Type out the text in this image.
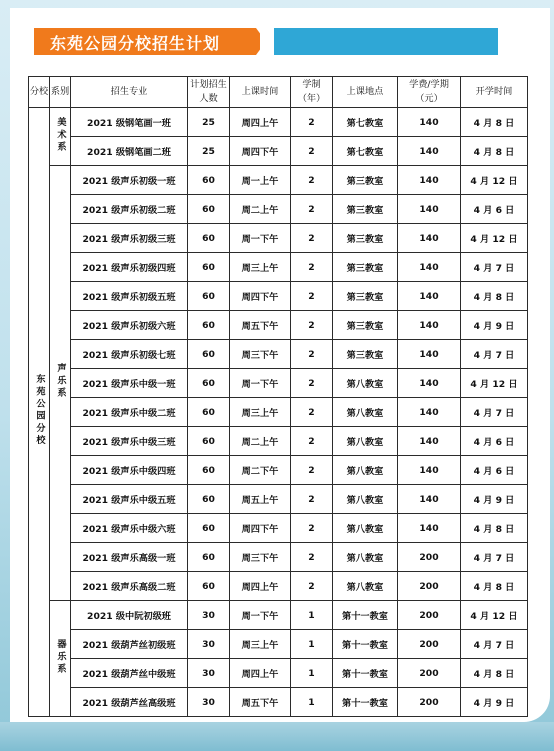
东苑公园分校招生计划
分校	系别	招生专业	计划招生人数	上课时间	学制（年）	上课地点	学费/学期（元）	开学时间
东苑公园分校	美术系	2021 级钢笔画一班	25	周四上午	2	第七教室	140	4 月 8 日
		2021 级钢笔画二班	25	周四下午	2	第七教室	140	4 月 8 日
	声乐系	2021 级声乐初级一班	60	周一上午	2	第三教室	140	4 月 12 日
		2021 级声乐初级二班	60	周二上午	2	第三教室	140	4 月 6 日
		2021 级声乐初级三班	60	周一下午	2	第三教室	140	4 月 12 日
		2021 级声乐初级四班	60	周三上午	2	第三教室	140	4 月 7 日
		2021 级声乐初级五班	60	周四下午	2	第三教室	140	4 月 8 日
		2021 级声乐初级六班	60	周五下午	2	第三教室	140	4 月 9 日
		2021 级声乐初级七班	60	周三下午	2	第三教室	140	4 月 7 日
		2021 级声乐中级一班	60	周一下午	2	第八教室	140	4 月 12 日
		2021 级声乐中级二班	60	周三上午	2	第八教室	140	4 月 7 日
		2021 级声乐中级三班	60	周二上午	2	第八教室	140	4 月 6 日
		2021 级声乐中级四班	60	周二下午	2	第八教室	140	4 月 6 日
		2021 级声乐中级五班	60	周五上午	2	第八教室	140	4 月 9 日
		2021 级声乐中级六班	60	周四下午	2	第八教室	140	4 月 8 日
		2021 级声乐高级一班	60	周三下午	2	第八教室	200	4 月 7 日
		2021 级声乐高级二班	60	周四上午	2	第八教室	200	4 月 8 日
	器乐系	2021 级中阮初级班	30	周一下午	1	第十一教室	200	4 月 12 日
		2021 级葫芦丝初级班	30	周三上午	1	第十一教室	200	4 月 7 日
		2021 级葫芦丝中级班	30	周四上午	1	第十一教室	200	4 月 8 日
		2021 级葫芦丝高级班	30	周五下午	1	第十一教室	200	4 月 9 日
